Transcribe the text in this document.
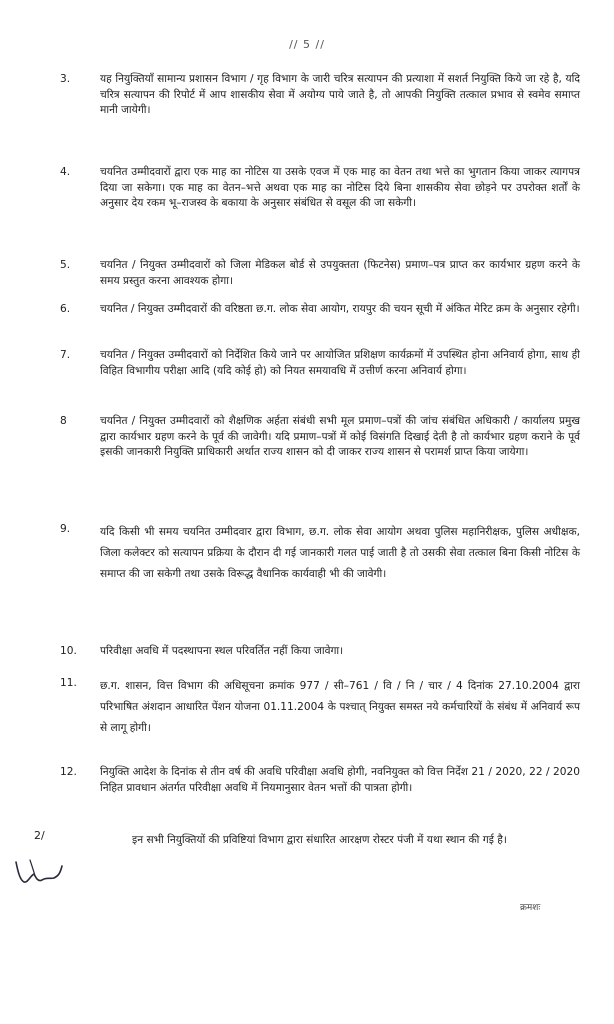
// 5 //
3.	यह नियुक्तियॉं सामान्य प्रशासन विभाग / गृह विभाग के जारी चरित्र सत्यापन की प्रत्याशा में सशर्त नियुक्ति किये जा रहे है, यदि चरित्र सत्यापन की रिपोर्ट में आप शासकीय सेवा में अयोग्य पाये जाते है, तो आपकी नियुक्ति तत्काल प्रभाव से स्वमेव समाप्त मानी जायेगी।
4.	चयनित उम्मीदवारों द्वारा एक माह का नोटिस या उसके एवज में एक माह का वेतन तथा भत्ते का भुगतान किया जाकर त्यागपत्र दिया जा सकेगा। एक माह का वेतन–भत्ते अथवा एक माह का नोटिस दिये बिना शासकीय सेवा छोड़ने पर उपरोक्त शर्तों के अनुसार देय रकम भू–राजस्व के बकाया के अनुसार संबंधित से वसूल की जा सकेगी।
5.	चयनित / नियुक्त उम्मीदवारों को जिला मेडिकल बोर्ड से उपयुक्तता (फिटनेस) प्रमाण–पत्र प्राप्त कर कार्यभार ग्रहण करने के समय प्रस्तुत करना आवश्यक होगा।
6.	चयनित / नियुक्त उम्मीदवारों की वरिष्ठता छ.ग. लोक सेवा आयोग, रायपुर की चयन सूची में अंकित मेरिट क्रम के अनुसार रहेगी।
7.	चयनित / नियुक्त उम्मीदवारों को निर्देशित किये जाने पर आयोजित प्रशिक्षण कार्यक्रमों में उपस्थित होना अनिवार्य होगा, साथ ही विहित विभागीय परीक्षा आदि (यदि कोई हो) को नियत समयावधि में उत्तीर्ण करना अनिवार्य होगा।
8	चयनित / नियुक्त उम्मीदवारों को शैक्षणिक अर्हता संबंधी सभी मूल प्रमाण–पत्रों की जांच संबंधित अधिकारी / कार्यालय प्रमुख द्वारा कार्यभार ग्रहण करने के पूर्व की जावेगी। यदि प्रमाण–पत्रों में कोई विसंगति दिखाई देती है तो कार्यभार ग्रहण कराने के पूर्व इसकी जानकारी नियुक्ति प्राधिकारी अर्थात राज्य शासन को दी जाकर राज्य शासन से परामर्श प्राप्त किया जायेगा।
9.	यदि किसी भी समय चयनित उम्मीदवार द्वारा विभाग, छ.ग. लोक सेवा आयोग अथवा पुलिस महानिरीक्षक, पुलिस अधीक्षक, जिला कलेक्टर को सत्यापन प्रक्रिया के दौरान दी गई जानकारी गलत पाई जाती है तो उसकी सेवा तत्काल बिना किसी नोटिस के समाप्त की जा सकेगी तथा उसके विरूद्ध वैधानिक कार्यवाही भी की जावेगी।
10.	परिवीक्षा अवधि में पदस्थापना स्थल परिवर्तित नहीं किया जावेगा।
11.	छ.ग. शासन, वित्त विभाग की अधिसूचना क्रमांक 977 / सी–761 / वि / नि / चार / 4 दिनांक 27.10.2004 द्वारा परिभाषित अंशदान आधारित पेंशन योजना 01.11.2004 के पश्चात् नियुक्त समस्त नये कर्मचारियों के संबंध में अनिवार्य रूप से लागू होगी।
12.	नियुक्ति आदेश के दिनांक से तीन वर्ष की अवधि परिवीक्षा अवधि होगी, नवनियुक्त को वित्त निर्देश 21 / 2020, 22 / 2020 निहित प्रावधान अंतर्गत परिवीक्षा अवधि में नियमानुसार वेतन भत्तों की पात्रता होगी।
2/	इन सभी नियुक्तियों की प्रविष्टियां विभाग द्वारा संधारित आरक्षण रोस्टर पंजी में यथा स्थान की गई है।
क्रमशः
